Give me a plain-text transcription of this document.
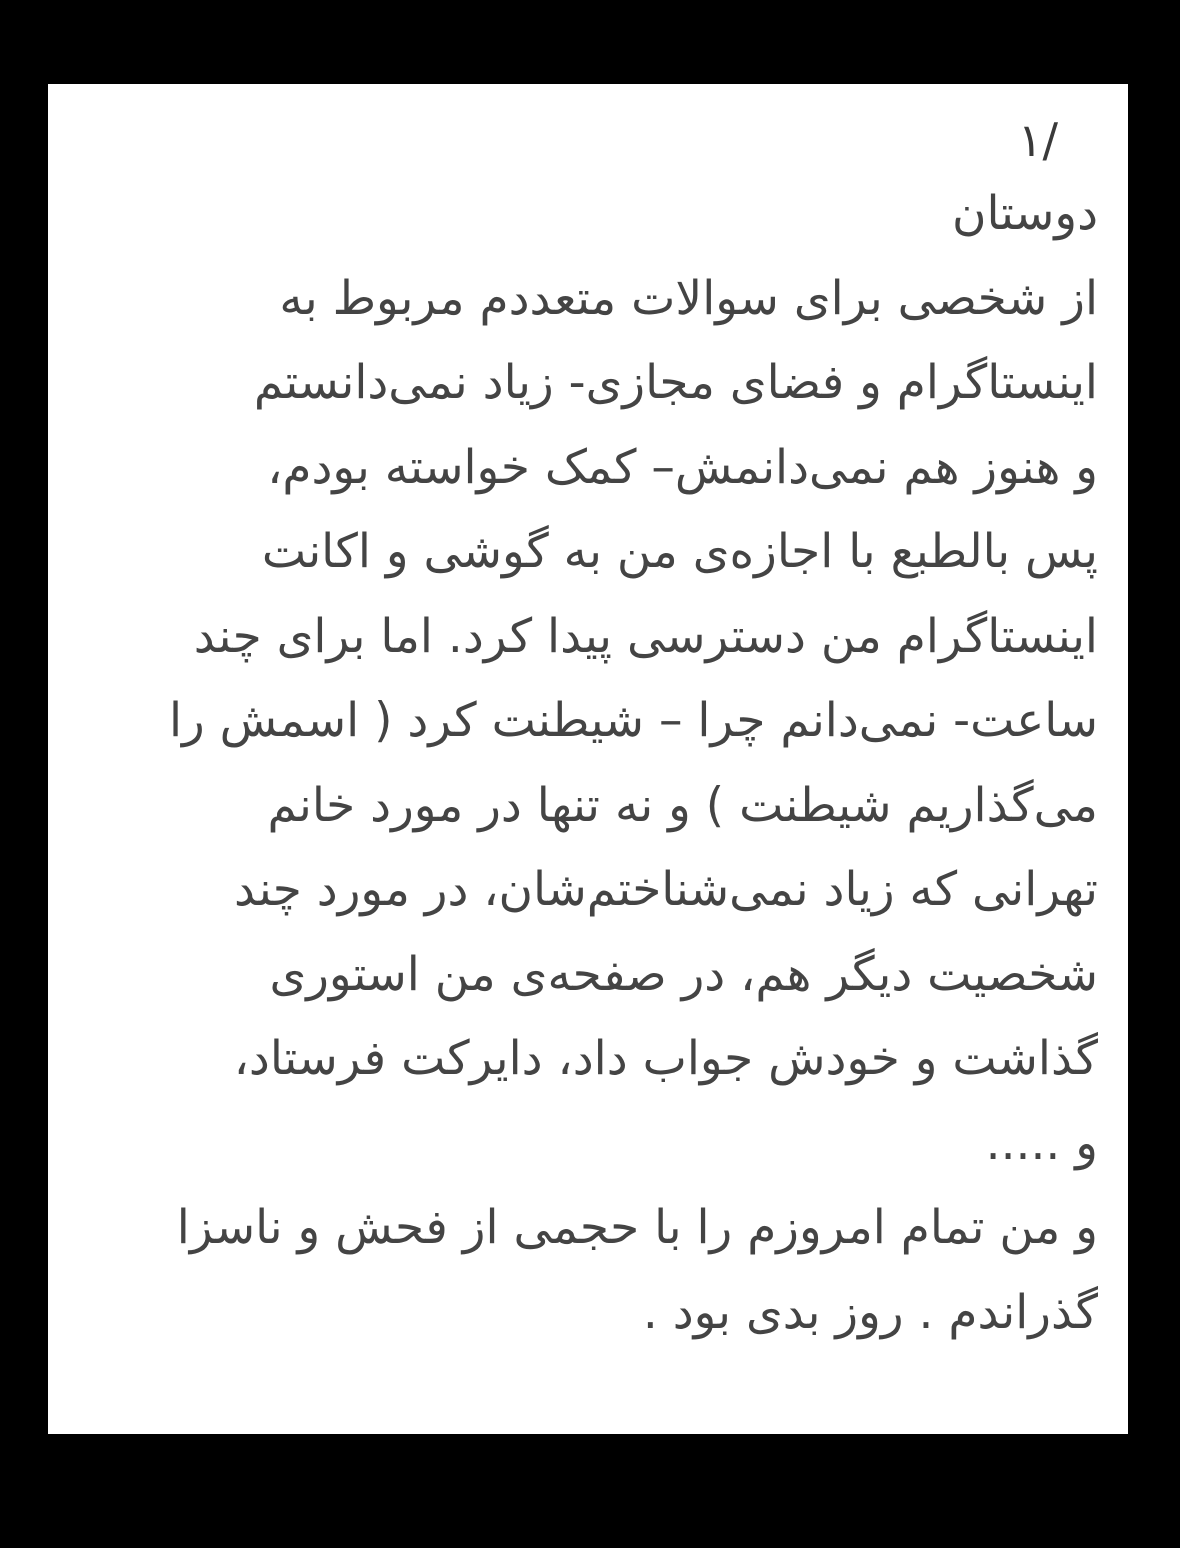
/۱
دوستان
از شخصی برای سوالات متعددم مربوط به
اینستاگرام و فضای مجازی- زیاد نمی‌دانستم
و هنوز هم نمی‌دانمش– کمک خواسته بودم،
پس بالطبع با اجازه‌ی من به گوشی و اکانت
اینستاگرام من دسترسی پیدا کرد. اما برای چند
ساعت- نمی‌دانم چرا – شیطنت کرد ( اسمش را
می‌گذاریم شیطنت ) و نه تنها در مورد خانم
تهرانی که زیاد نمی‌شناختم‌شان، در مورد چند
شخصیت دیگر هم، در صفحه‌ی من استوری
گذاشت و خودش جواب داد، دایرکت فرستاد،
و .....
و من تمام امروزم را با حجمی از فحش و ناسزا
گذراندم . روز بدی بود .
